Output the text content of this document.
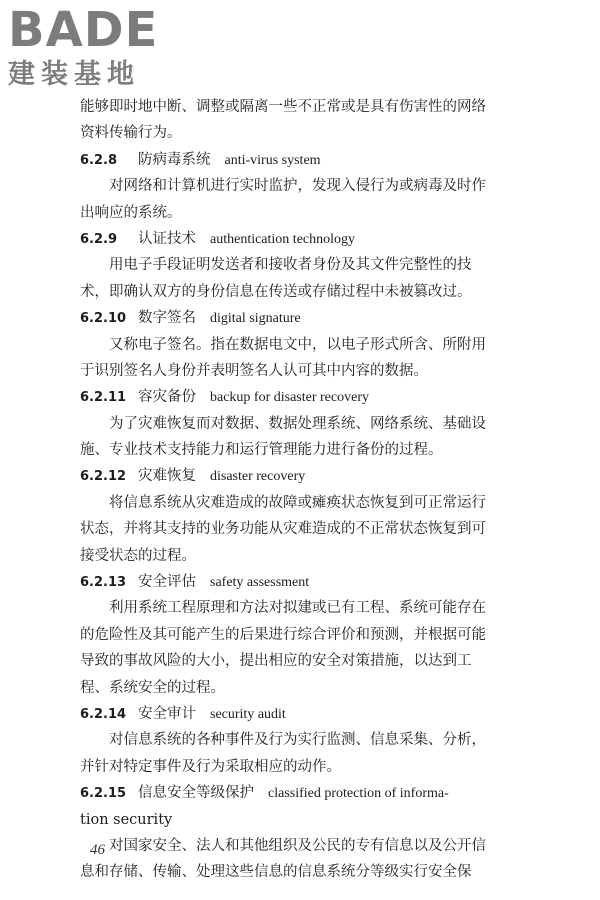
BADE
建装基地
能够即时地中断、调整或隔离一些不正常或是具有伤害性的网络
资料传输行为。
6.2.8 防病毒系统 anti-virus system
对网络和计算机进行实时监护，发现入侵行为或病毒及时作
出响应的系统。
6.2.9 认证技术 authentication technology
用电子手段证明发送者和接收者身份及其文件完整性的技
术，即确认双方的身份信息在传送或存储过程中未被篡改过。
6.2.10 数字签名 digital signature
又称电子签名。指在数据电文中，以电子形式所含、所附用
于识别签名人身份并表明签名人认可其中内容的数据。
6.2.11 容灾备份 backup for disaster recovery
为了灾难恢复而对数据、数据处理系统、网络系统、基础设
施、专业技术支持能力和运行管理能力进行备份的过程。
6.2.12 灾难恢复 disaster recovery
将信息系统从灾难造成的故障或瘫痪状态恢复到可正常运行
状态，并将其支持的业务功能从灾难造成的不正常状态恢复到可
接受状态的过程。
6.2.13 安全评估 safety assessment
利用系统工程原理和方法对拟建或已有工程、系统可能存在
的危险性及其可能产生的后果进行综合评价和预测，并根据可能
导致的事故风险的大小，提出相应的安全对策措施，以达到工
程、系统安全的过程。
6.2.14 安全审计 security audit
对信息系统的各种事件及行为实行监测、信息采集、分析，
并针对特定事件及行为采取相应的动作。
6.2.15 信息安全等级保护 classified protection of informa-
tion security
对国家安全、法人和其他组织及公民的专有信息以及公开信
息和存储、传输、处理这些信息的信息系统分等级实行安全保
46
